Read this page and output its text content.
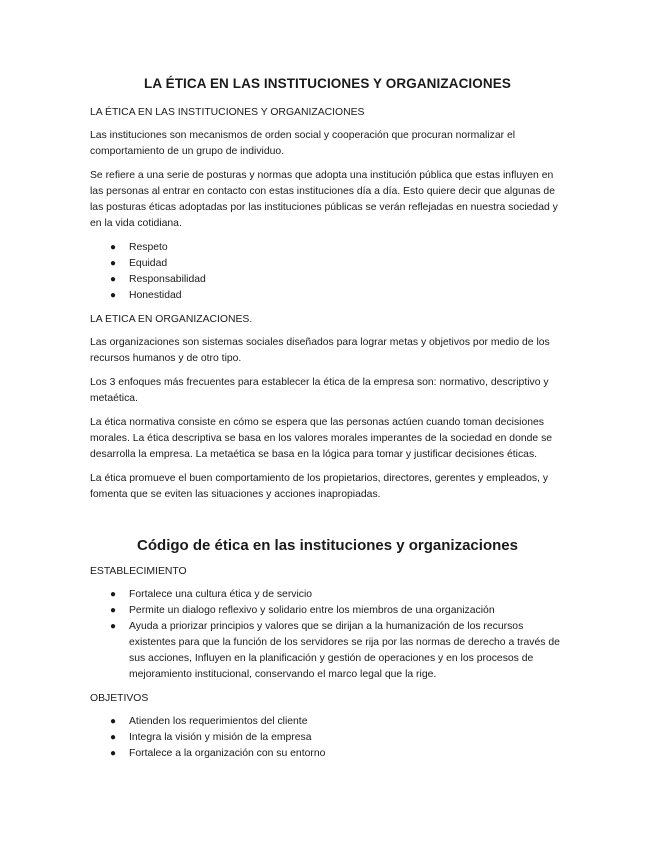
LA ÉTICA EN LAS INSTITUCIONES Y ORGANIZACIONES

LA ÉTICA EN LAS INSTITUCIONES Y ORGANIZACIONES

Las instituciones son mecanismos de orden social y cooperación que procuran normalizar el comportamiento de un grupo de individuo.

Se refiere a una serie de posturas y normas que adopta una institución pública que estas influyen en las personas al entrar en contacto con estas instituciones día a día. Esto quiere decir que algunas de las posturas éticas adoptadas por las instituciones públicas se verán reflejadas en nuestra sociedad y en la vida cotidiana.

● Respeto
● Equidad
● Responsabilidad
● Honestidad

LA ETICA EN ORGANIZACIONES.

Las organizaciones son sistemas sociales diseñados para lograr metas y objetivos por medio de los recursos humanos y de otro tipo.

Los 3 enfoques más frecuentes para establecer la ética de la empresa son: normativo, descriptivo y metaética.

La ética normativa consiste en cómo se espera que las personas actúen cuando toman decisiones morales. La ética descriptiva se basa en los valores morales imperantes de la sociedad en donde se desarrolla la empresa. La metaética se basa en la lógica para tomar y justificar decisiones éticas.

La ética promueve el buen comportamiento de los propietarios, directores, gerentes y empleados, y fomenta que se eviten las situaciones y acciones inapropiadas.

Código de ética en las instituciones y organizaciones

ESTABLECIMIENTO

● Fortalece una cultura ética y de servicio
● Permite un dialogo reflexivo y solidario entre los miembros de una organización
● Ayuda a priorizar principios y valores que se dirijan a la humanización de los recursos existentes para que la función de los servidores se rija por las normas de derecho a través de sus acciones, Influyen en la planificación y gestión de operaciones y en los procesos de mejoramiento institucional, conservando el marco legal que la rige.

OBJETIVOS

● Atienden los requerimientos del cliente
● Integra la visión y misión de la empresa
● Fortalece a la organización con su entorno
